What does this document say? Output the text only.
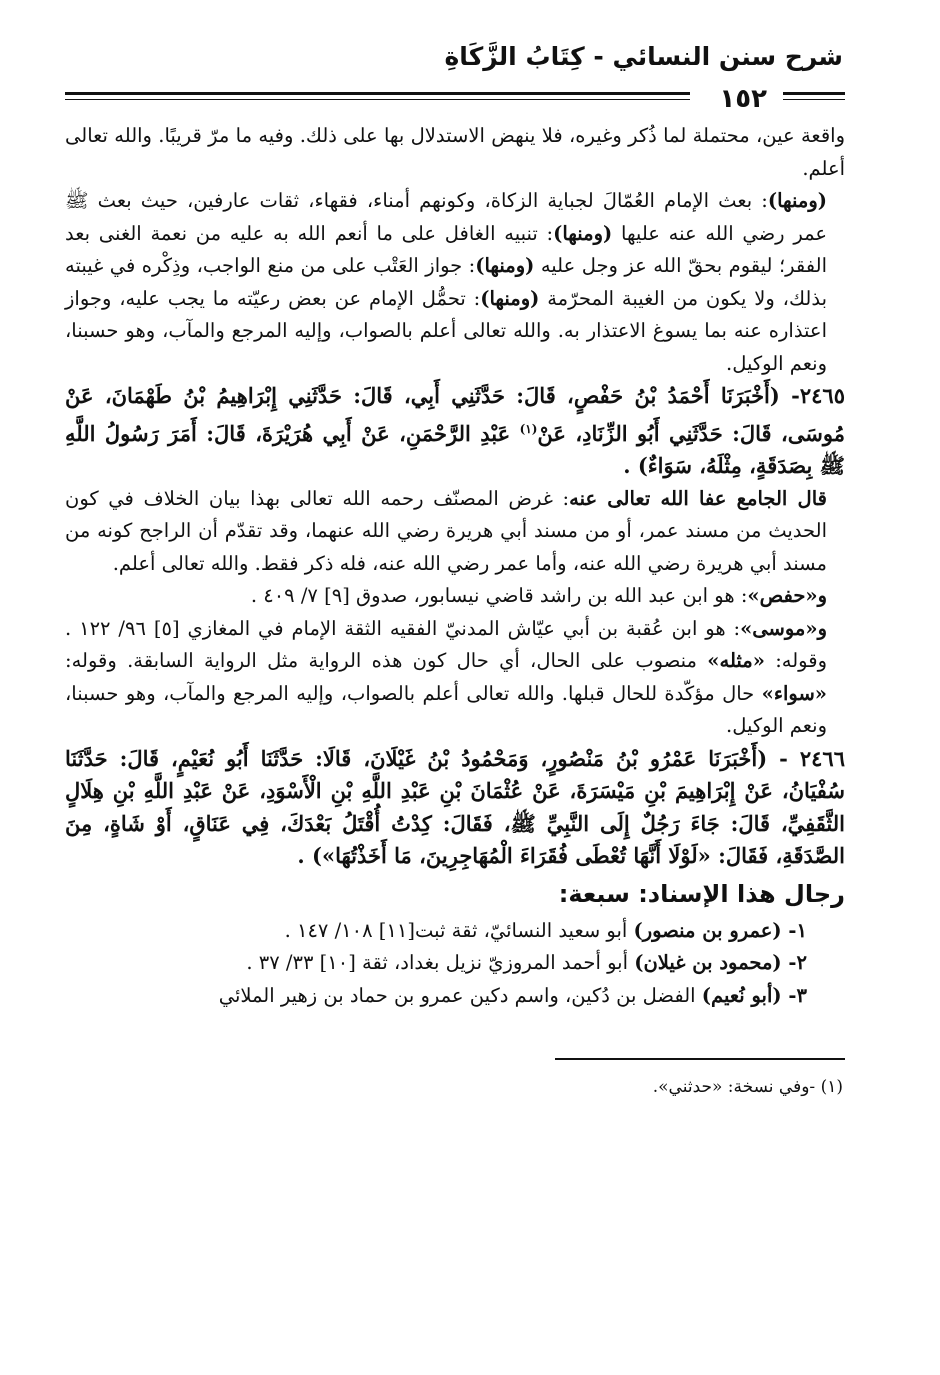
شرح سنن النسائي - كِتَابُ الزَّكَاةِ
١٥٢

واقعة عين، محتملة لما ذُكر وغيره، فلا ينهض الاستدلال بها على ذلك. وفيه ما مرّ قريبًا. والله تعالى أعلم.

(ومنها): بعث الإمام العُمّالَ لجباية الزكاة، وكونهم أمناء، فقهاء، ثقات عارفين، حيث بعث ﷺ عمر رضي الله عنه عليها (ومنها): تنبيه الغافل على ما أنعم الله به عليه من نعمة الغنى بعد الفقر؛ ليقوم بحقّ الله عز وجل عليه (ومنها): جواز العَتْب على من منع الواجب، وذِكْره في غيبته بذلك، ولا يكون من الغيبة المحرّمة (ومنها): تحمُّل الإمام عن بعض رعيّته ما يجب عليه، وجواز اعتذاره عنه بما يسوغ الاعتذار به. والله تعالى أعلم بالصواب، وإليه المرجع والمآب، وهو حسبنا، ونعم الوكيل.

٢٤٦٥- (أَخْبَرَنَا أَحْمَدُ بْنُ حَفْصٍ، قَالَ: حَدَّثَنِي أَبِي، قَالَ: حَدَّثَنِي إِبْرَاهِيمُ بْنُ طَهْمَانَ، عَنْ مُوسَى، قَالَ: حَدَّثَنِي أَبُو الزِّنَادِ، عَنْ$^{(١)}$ عَبْدِ الرَّحْمَنِ، عَنْ أَبِي هُرَيْرَةَ، قَالَ: أَمَرَ رَسُولُ اللَّهِ ﷺ بِصَدَقَةٍ، مِثْلَهُ، سَوَاءٌ) .

قال الجامع عفا الله تعالى عنه: غرض المصنّف رحمه الله تعالى بهذا بيان الخلاف في كون الحديث من مسند عمر، أو من مسند أبي هريرة رضي الله عنهما، وقد تقدّم أن الراجح كونه من مسند أبي هريرة رضي الله عنه، وأما عمر رضي الله عنه، فله ذكر فقط. والله تعالى أعلم.

و«حفص»: هو ابن عبد الله بن راشد قاضي نيسابور، صدوق [٩] ٧/ ٤٠٩ .

و«موسى»: هو ابن عُقبة بن أبي عيّاش المدنيّ الفقيه الثقة الإمام في المغازي [٥] ٩٦/ ١٢٢ . وقوله: «مثله» منصوب على الحال، أي حال كون هذه الرواية مثل الرواية السابقة. وقوله: «سواء» حال مؤكّدة للحال قبلها. والله تعالى أعلم بالصواب، وإليه المرجع والمآب، وهو حسبنا، ونعم الوكيل.

٢٤٦٦ - (أَخْبَرَنَا عَمْرُو بْنُ مَنْصُورٍ، وَمَحْمُودُ بْنُ غَيْلَانَ، قَالَا: حَدَّثَنَا أَبُو نُعَيْمٍ، قَالَ: حَدَّثَنَا سُفْيَانُ، عَنْ إِبْرَاهِيمَ بْنِ مَيْسَرَةَ، عَنْ عُثْمَانَ بْنِ عَبْدِ اللَّهِ بْنِ الْأَسْوَدِ، عَنْ عَبْدِ اللَّهِ بْنِ هِلَالٍ الثَّقَفِيِّ، قَالَ: جَاءَ رَجُلٌ إِلَى النَّبِيِّ ﷺ، فَقَالَ: كِدْتُ أُقْتَلُ بَعْدَكَ، فِي عَنَاقٍ، أَوْ شَاةٍ، مِنَ الصَّدَقَةِ، فَقَالَ: «لَوْلَا أَنَّهَا تُعْطَى فُقَرَاءَ الْمُهَاجِرِينَ، مَا أَخَذْتُهَا») .

رجال هذا الإسناد: سبعة:

١- (عمرو بن منصور) أبو سعيد النسائيّ، ثقة ثبت[١١] ١٠٨/ ١٤٧ .

٢- (محمود بن غيلان) أبو أحمد المروزيّ نزيل بغداد، ثقة [١٠] ٣٣/ ٣٧ .

٣- (أبو نُعيم) الفضل بن دُكين، واسم دكين عمرو بن حماد بن زهير الملائي

(١) -وفي نسخة: «حدثني».
